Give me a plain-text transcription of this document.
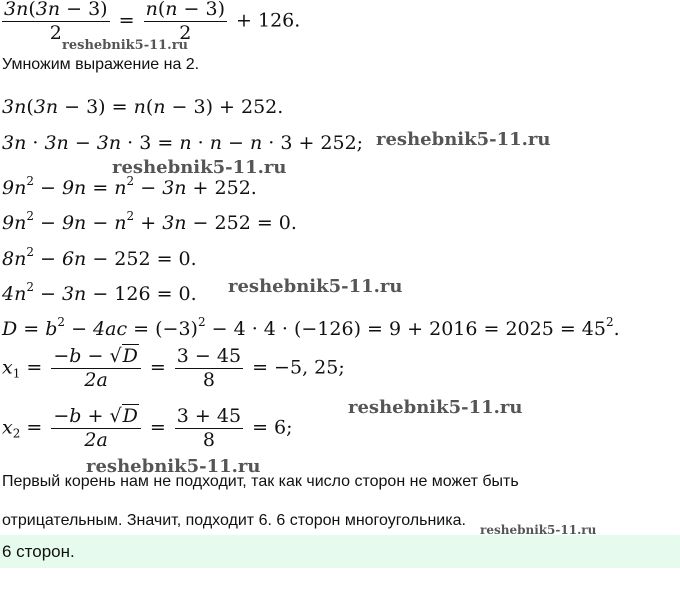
$\frac{3n(3n - 3)}{2} = \frac{n(n - 3)}{2} + 126$.
Умножим выражение на 2.
3n(3n − 3) = n(n − 3) + 252.
3n · 3n − 3n · 3 = n · n − n · 3 + 252;
$9n^2 - 9n = n^2 - 3n + 252$.
$9n^2 - 9n - n^2 + 3n - 252 = 0$.
$8n^2 - 6n - 252 = 0$.
$4n^2 - 3n - 126 = 0$.
$D = b^2 - 4ac = (-3)^2 - 4 \cdot 4 \cdot (-126) = 9 + 2016 = 2025 = 45^2$.
$x_1 = \frac{-b - √D}{2a} = \frac{3 - 45}{8} = -5$, 25;
$x_2 = \frac{-b + √D}{2a} = \frac{3 + 45}{8} = 6$;
Первый корень нам не подходит, так как число сторон не может быть
отрицательным. Значит, подходит 6. 6 сторон многоугольника.
6 сторон.
reshebnik5-11.ru
reshebnik5-11.ru
reshebnik5-11.ru
reshebnik5-11.ru
reshebnik5-11.ru
reshebnik5-11.ru
reshebnik5-11.ru
